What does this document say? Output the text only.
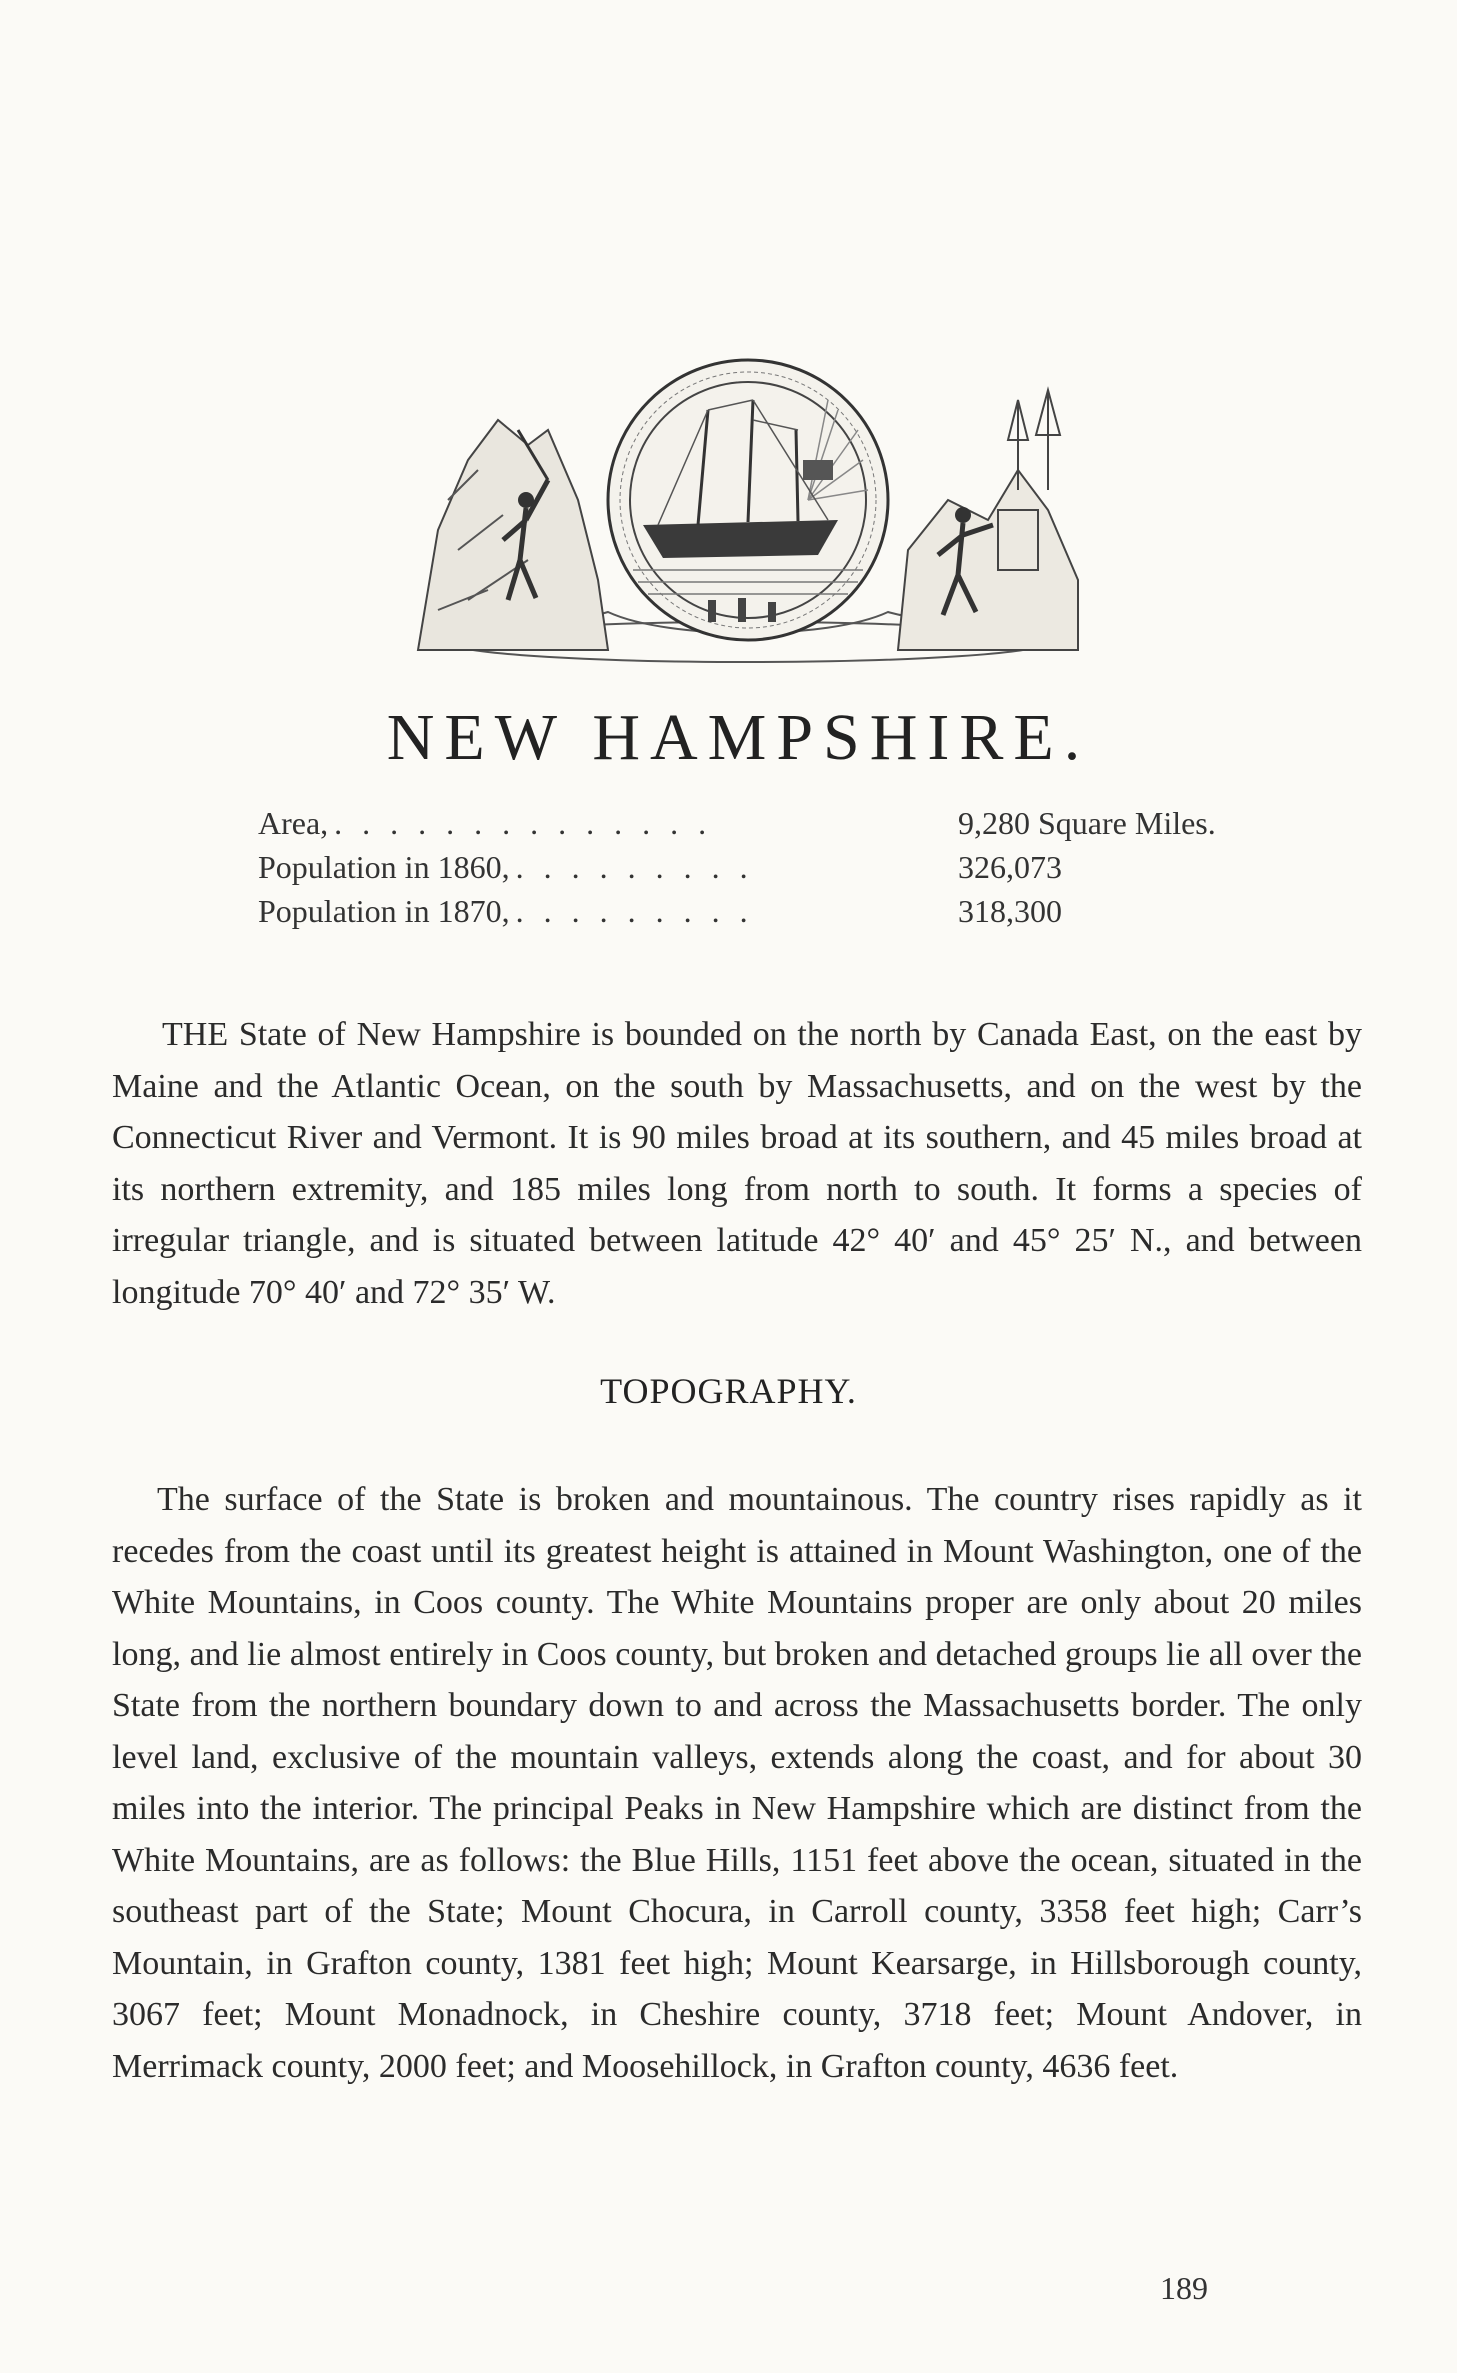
NEW HAMPSHIRE.
Area, . . . . . . . . . . . . . .	9,280 Square Miles.
Population in 1860, . . . . . . . . .	326,073
Population in 1870, . . . . . . . . .	318,300

THE State of New Hampshire is bounded on the north by Canada East, on the east by Maine and the Atlantic Ocean, on the south by Massachusetts, and on the west by the Connecticut River and Vermont. It is 90 miles broad at its southern, and 45 miles broad at its northern extremity, and 185 miles long from north to south. It forms a species of irregular triangle, and is situated between latitude 42° 40′ and 45° 25′ N., and between longitude 70° 40′ and 72° 35′ W.

TOPOGRAPHY.

The surface of the State is broken and mountainous. The country rises rapidly as it recedes from the coast until its greatest height is attained in Mount Washington, one of the White Mountains, in Coos county. The White Mountains proper are only about 20 miles long, and lie almost entirely in Coos county, but broken and detached groups lie all over the State from the northern boundary down to and across the Massachusetts border. The only level land, exclusive of the mountain valleys, extends along the coast, and for about 30 miles into the interior. The principal Peaks in New Hampshire which are distinct from the White Mountains, are as follows: the Blue Hills, 1151 feet above the ocean, situated in the southeast part of the State; Mount Chocura, in Carroll county, 3358 feet high; Carr’s Mountain, in Grafton county, 1381 feet high; Mount Kearsarge, in Hillsborough county, 3067 feet; Mount Monadnock, in Cheshire county, 3718 feet; Mount Andover, in Merrimack county, 2000 feet; and Moosehillock, in Grafton county, 4636 feet.

189
